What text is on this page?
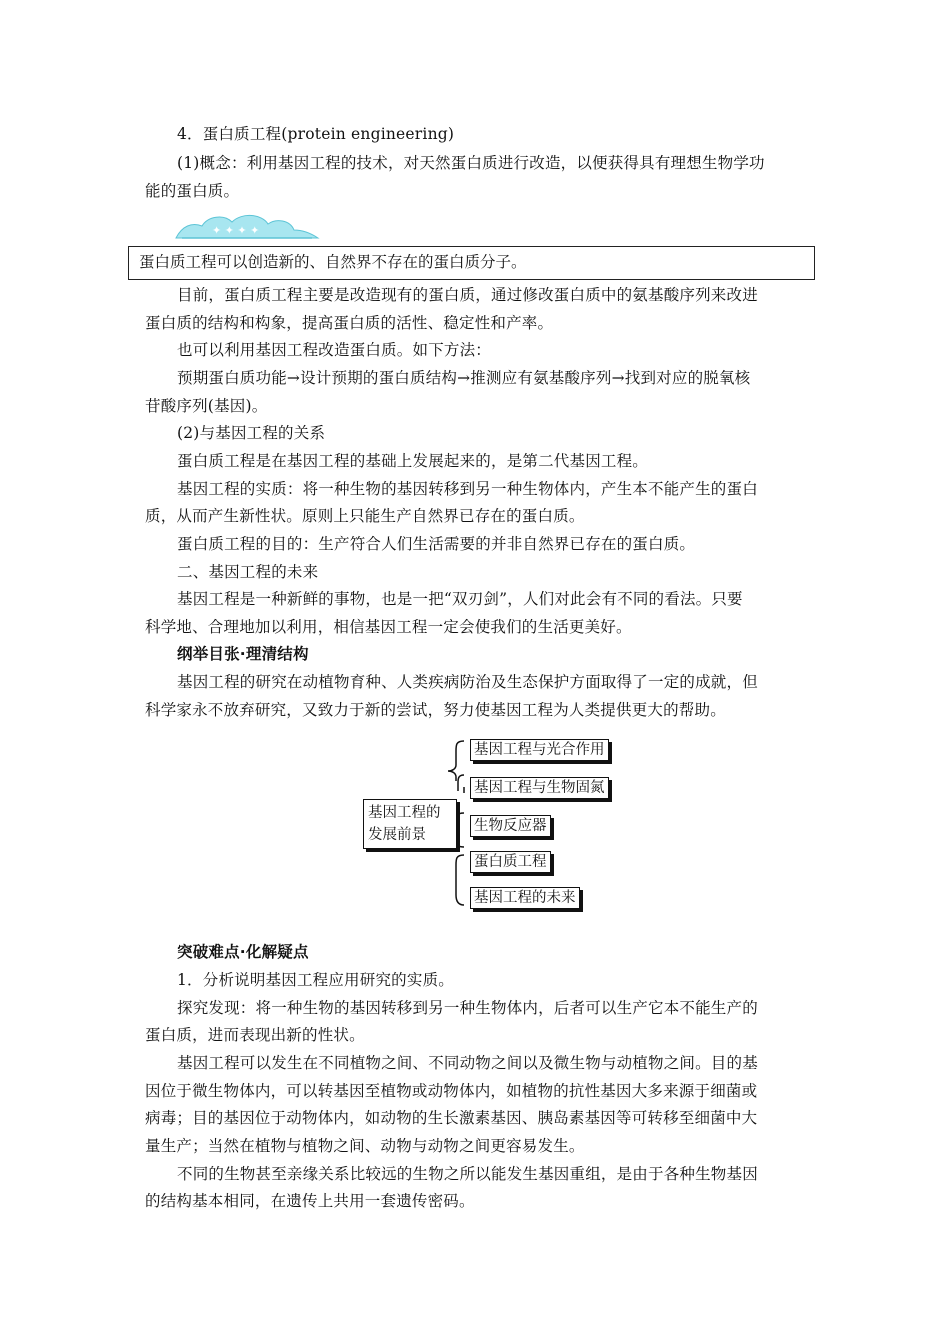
4．蛋白质工程(protein engineering)
(1)概念：利用基因工程的技术，对天然蛋白质进行改造，以便获得具有理想生物学功
能的蛋白质。
✦ ✦ ✦ ✦
蛋白质工程可以创造新的、自然界不存在的蛋白质分子。
目前，蛋白质工程主要是改造现有的蛋白质，通过修改蛋白质中的氨基酸序列来改进
蛋白质的结构和构象，提高蛋白质的活性、稳定性和产率。
也可以利用基因工程改造蛋白质。如下方法：
预期蛋白质功能→设计预期的蛋白质结构→推测应有氨基酸序列→找到对应的脱氧核
苷酸序列(基因)。
(2)与基因工程的关系
蛋白质工程是在基因工程的基础上发展起来的，是第二代基因工程。
基因工程的实质：将一种生物的基因转移到另一种生物体内，产生本不能产生的蛋白
质，从而产生新性状。原则上只能生产自然界已存在的蛋白质。
蛋白质工程的目的：生产符合人们生活需要的并非自然界已存在的蛋白质。
二、基因工程的未来
基因工程是一种新鲜的事物，也是一把“双刃剑”，人们对此会有不同的看法。只要
科学地、合理地加以利用，相信基因工程一定会使我们的生活更美好。
纲举目张·理清结构
基因工程的研究在动植物育种、人类疾病防治及生态保护方面取得了一定的成就，但
科学家永不放弃研究，又致力于新的尝试，努力使基因工程为人类提供更大的帮助。
基因工程的发展前景
基因工程与光合作用
基因工程与生物固氮
生物反应器
蛋白质工程
基因工程的未来
突破难点·化解疑点
1．分析说明基因工程应用研究的实质。
探究发现：将一种生物的基因转移到另一种生物体内，后者可以生产它本不能生产的
蛋白质，进而表现出新的性状。
基因工程可以发生在不同植物之间、不同动物之间以及微生物与动植物之间。目的基
因位于微生物体内，可以转基因至植物或动物体内，如植物的抗性基因大多来源于细菌或
病毒；目的基因位于动物体内，如动物的生长激素基因、胰岛素基因等可转移至细菌中大
量生产；当然在植物与植物之间、动物与动物之间更容易发生。
不同的生物甚至亲缘关系比较远的生物之所以能发生基因重组，是由于各种生物基因
的结构基本相同，在遗传上共用一套遗传密码。
